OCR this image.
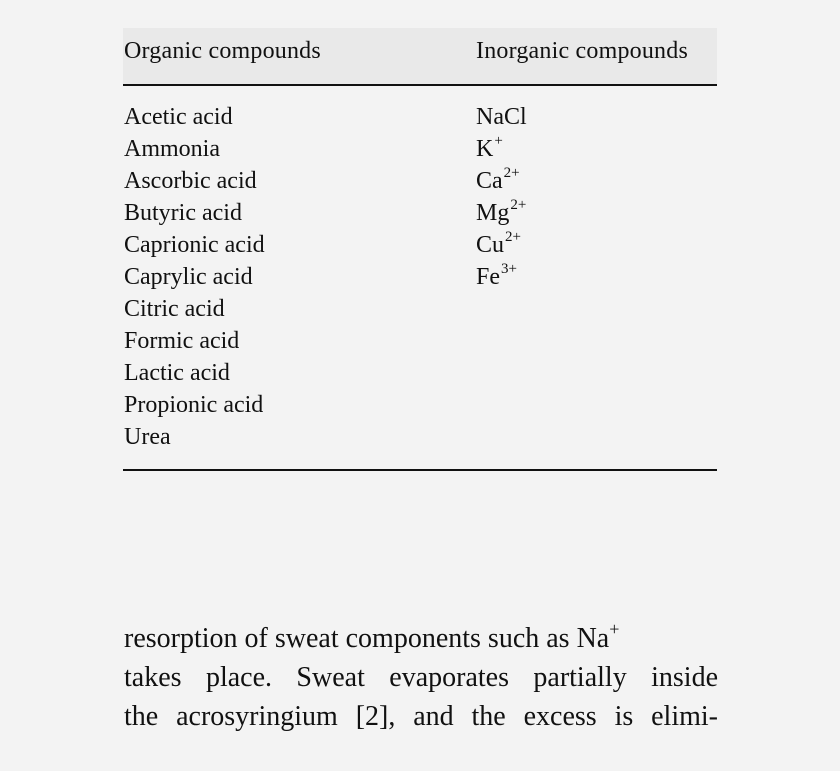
Organic compounds	Inorganic compounds
Acetic acid
Ammonia
Ascorbic acid
Butyric acid
Caprionic acid
Caprylic acid
Citric acid
Formic acid
Lactic acid
Propionic acid
Urea
NaCl
K+
$Ca^{2+}$
$Mg^{2+}$
$Cu^{2+}$
$Fe^{3+}$

resorption of sweat components such as Na+
takes place. Sweat evaporates partially inside
the acrosyringium [2], and the excess is elimi-
